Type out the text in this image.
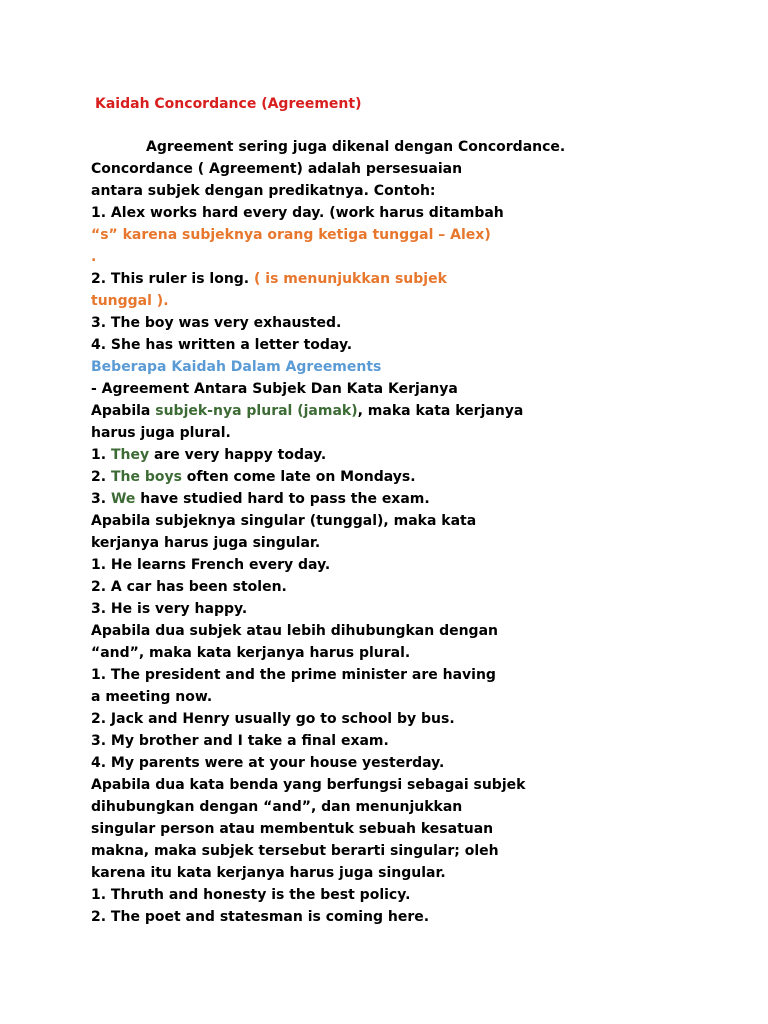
Kaidah Concordance (Agreement)
Agreement sering juga dikenal dengan Concordance.
Concordance ( Agreement) adalah persesuaian
antara subjek dengan predikatnya. Contoh:
1. Alex works hard every day. (work harus ditambah
“s” karena subjeknya orang ketiga tunggal – Alex)
.
2. This ruler is long. ( is menunjukkan subjek
tunggal ).
3. The boy was very exhausted.
4. She has written a letter today.
Beberapa Kaidah Dalam Agreements
- Agreement Antara Subjek Dan Kata Kerjanya
Apabila subjek-nya plural (jamak), maka kata kerjanya
harus juga plural.
1. They are very happy today.
2. The boys often come late on Mondays.
3. We have studied hard to pass the exam.
Apabila subjeknya singular (tunggal), maka kata
kerjanya harus juga singular.
1. He learns French every day.
2. A car has been stolen.
3. He is very happy.
Apabila dua subjek atau lebih dihubungkan dengan
“and”, maka kata kerjanya harus plural.
1. The president and the prime minister are having
a meeting now.
2. Jack and Henry usually go to school by bus.
3. My brother and I take a final exam.
4. My parents were at your house yesterday.
Apabila dua kata benda yang berfungsi sebagai subjek
dihubungkan dengan “and”, dan menunjukkan
singular person atau membentuk sebuah kesatuan
makna, maka subjek tersebut berarti singular; oleh
karena itu kata kerjanya harus juga singular.
1. Thruth and honesty is the best policy.
2. The poet and statesman is coming here.
